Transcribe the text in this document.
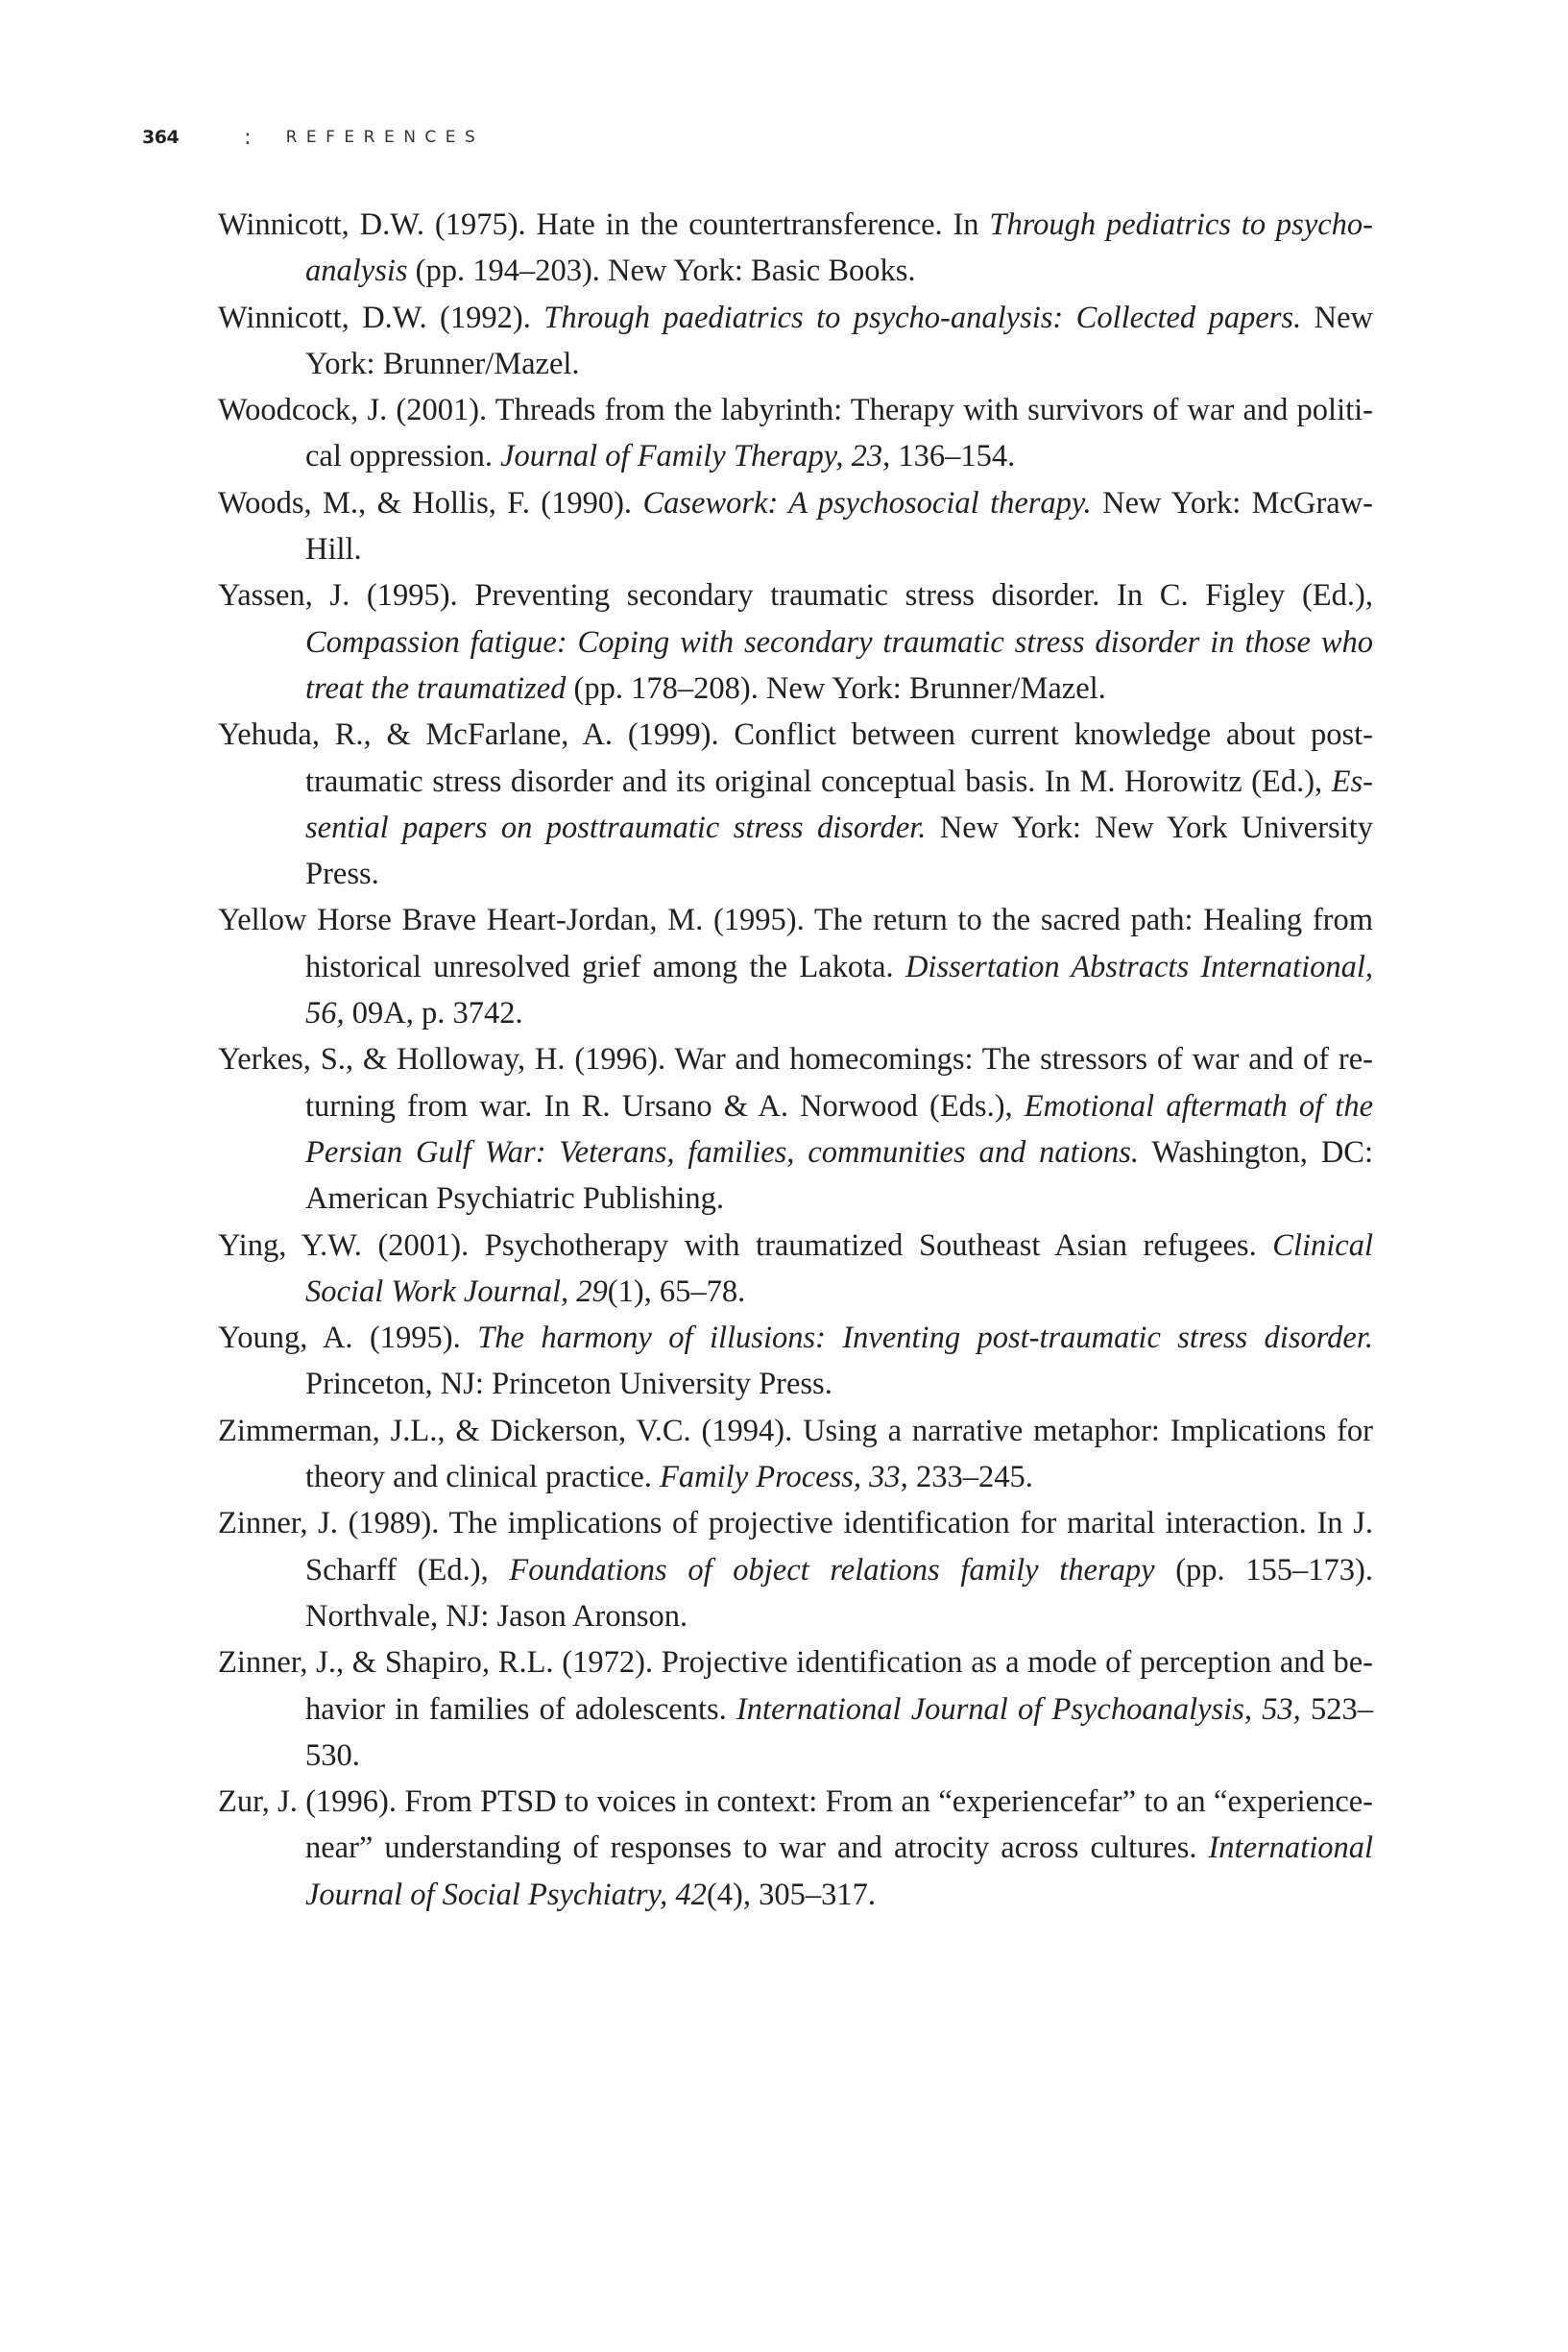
364	: REFERENCES

Winnicott, D.W. (1975). Hate in the countertransference. In Through pediatrics to psycho-analysis (pp. 194–203). New York: Basic Books.

Winnicott, D.W. (1992). Through paediatrics to psycho-analysis: Collected papers. New York: Brunner/Mazel.

Woodcock, J. (2001). Threads from the labyrinth: Therapy with survivors of war and political oppression. Journal of Family Therapy, 23, 136–154.

Woods, M., & Hollis, F. (1990). Casework: A psychosocial therapy. New York: McGraw-Hill.

Yassen, J. (1995). Preventing secondary traumatic stress disorder. In C. Figley (Ed.), Compassion fatigue: Coping with secondary traumatic stress disorder in those who treat the traumatized (pp. 178–208). New York: Brunner/Mazel.

Yehuda, R., & McFarlane, A. (1999). Conflict between current knowledge about posttraumatic stress disorder and its original conceptual basis. In M. Horowitz (Ed.), Essential papers on posttraumatic stress disorder. New York: New York University Press.

Yellow Horse Brave Heart-Jordan, M. (1995). The return to the sacred path: Healing from historical unresolved grief among the Lakota. Dissertation Abstracts International, 56, 09A, p. 3742.

Yerkes, S., & Holloway, H. (1996). War and homecomings: The stressors of war and of returning from war. In R. Ursano & A. Norwood (Eds.), Emotional aftermath of the Persian Gulf War: Veterans, families, communities and nations. Washington, DC: American Psychiatric Publishing.

Ying, Y.W. (2001). Psychotherapy with traumatized Southeast Asian refugees. Clinical Social Work Journal, 29(1), 65–78.

Young, A. (1995). The harmony of illusions: Inventing post-traumatic stress disorder. Princeton, NJ: Princeton University Press.

Zimmerman, J.L., & Dickerson, V.C. (1994). Using a narrative metaphor: Implications for theory and clinical practice. Family Process, 33, 233–245.

Zinner, J. (1989). The implications of projective identification for marital interaction. In J. Scharff (Ed.), Foundations of object relations family therapy (pp. 155–173). Northvale, NJ: Jason Aronson.

Zinner, J., & Shapiro, R.L. (1972). Projective identification as a mode of perception and behavior in families of adolescents. International Journal of Psychoanalysis, 53, 523–530.

Zur, J. (1996). From PTSD to voices in context: From an “experiencefar” to an “experiencenear” understanding of responses to war and atrocity across cultures. International Journal of Social Psychiatry, 42(4), 305–317.
